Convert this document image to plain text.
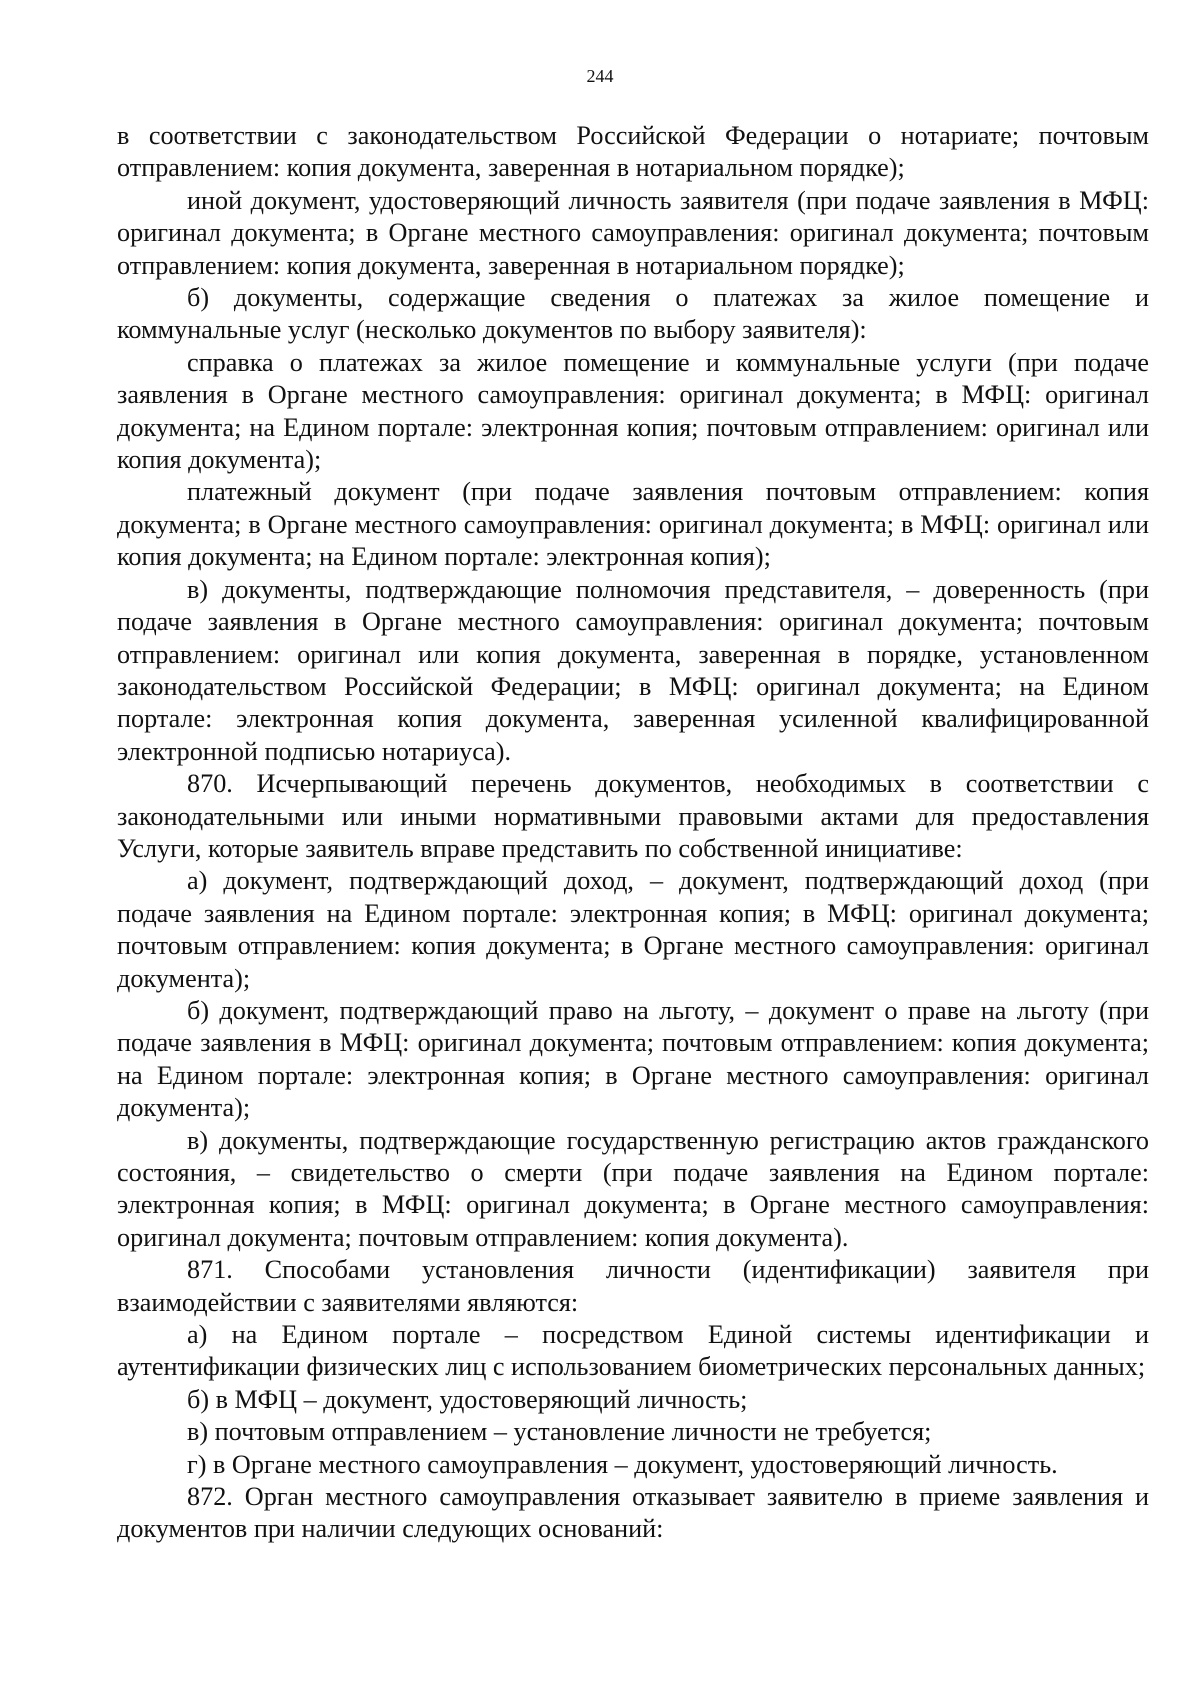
244

в соответствии с законодательством Российской Федерации о нотариате; почтовым отправлением: копия документа, заверенная в нотариальном порядке);

иной документ, удостоверяющий личность заявителя (при подаче заявления в МФЦ: оригинал документа; в Органе местного самоуправления: оригинал документа; почтовым отправлением: копия документа, заверенная в нотариальном порядке);

б) документы, содержащие сведения о платежах за жилое помещение и коммунальные услуг (несколько документов по выбору заявителя):

справка о платежах за жилое помещение и коммунальные услуги (при подаче заявления в Органе местного самоуправления: оригинал документа; в МФЦ: оригинал документа; на Едином портале: электронная копия; почтовым отправлением: оригинал или копия документа);

платежный документ (при подаче заявления почтовым отправлением: копия документа; в Органе местного самоуправления: оригинал документа; в МФЦ: оригинал или копия документа; на Едином портале: электронная копия);

в) документы, подтверждающие полномочия представителя, – доверенность (при подаче заявления в Органе местного самоуправления: оригинал документа; почтовым отправлением: оригинал или копия документа, заверенная в порядке, установленном законодательством Российской Федерации; в МФЦ: оригинал документа; на Едином портале: электронная копия документа, заверенная усиленной квалифицированной электронной подписью нотариуса).

870. Исчерпывающий перечень документов, необходимых в соответствии с законодательными или иными нормативными правовыми актами для предоставления Услуги, которые заявитель вправе представить по собственной инициативе:

а) документ, подтверждающий доход, – документ, подтверждающий доход (при подаче заявления на Едином портале: электронная копия; в МФЦ: оригинал документа; почтовым отправлением: копия документа; в Органе местного самоуправления: оригинал документа);

б) документ, подтверждающий право на льготу, – документ о праве на льготу (при подаче заявления в МФЦ: оригинал документа; почтовым отправлением: копия документа; на Едином портале: электронная копия; в Органе местного самоуправления: оригинал документа);

в) документы, подтверждающие государственную регистрацию актов гражданского состояния, – свидетельство о смерти (при подаче заявления на Едином портале: электронная копия; в МФЦ: оригинал документа; в Органе местного самоуправления: оригинал документа; почтовым отправлением: копия документа).

871. Способами установления личности (идентификации) заявителя при взаимодействии с заявителями являются:

а) на Едином портале – посредством Единой системы идентификации и аутентификации физических лиц с использованием биометрических персональных данных;

б) в МФЦ – документ, удостоверяющий личность;

в) почтовым отправлением – установление личности не требуется;

г) в Органе местного самоуправления – документ, удостоверяющий личность.

872. Орган местного самоуправления отказывает заявителю в приеме заявления и документов при наличии следующих оснований:
